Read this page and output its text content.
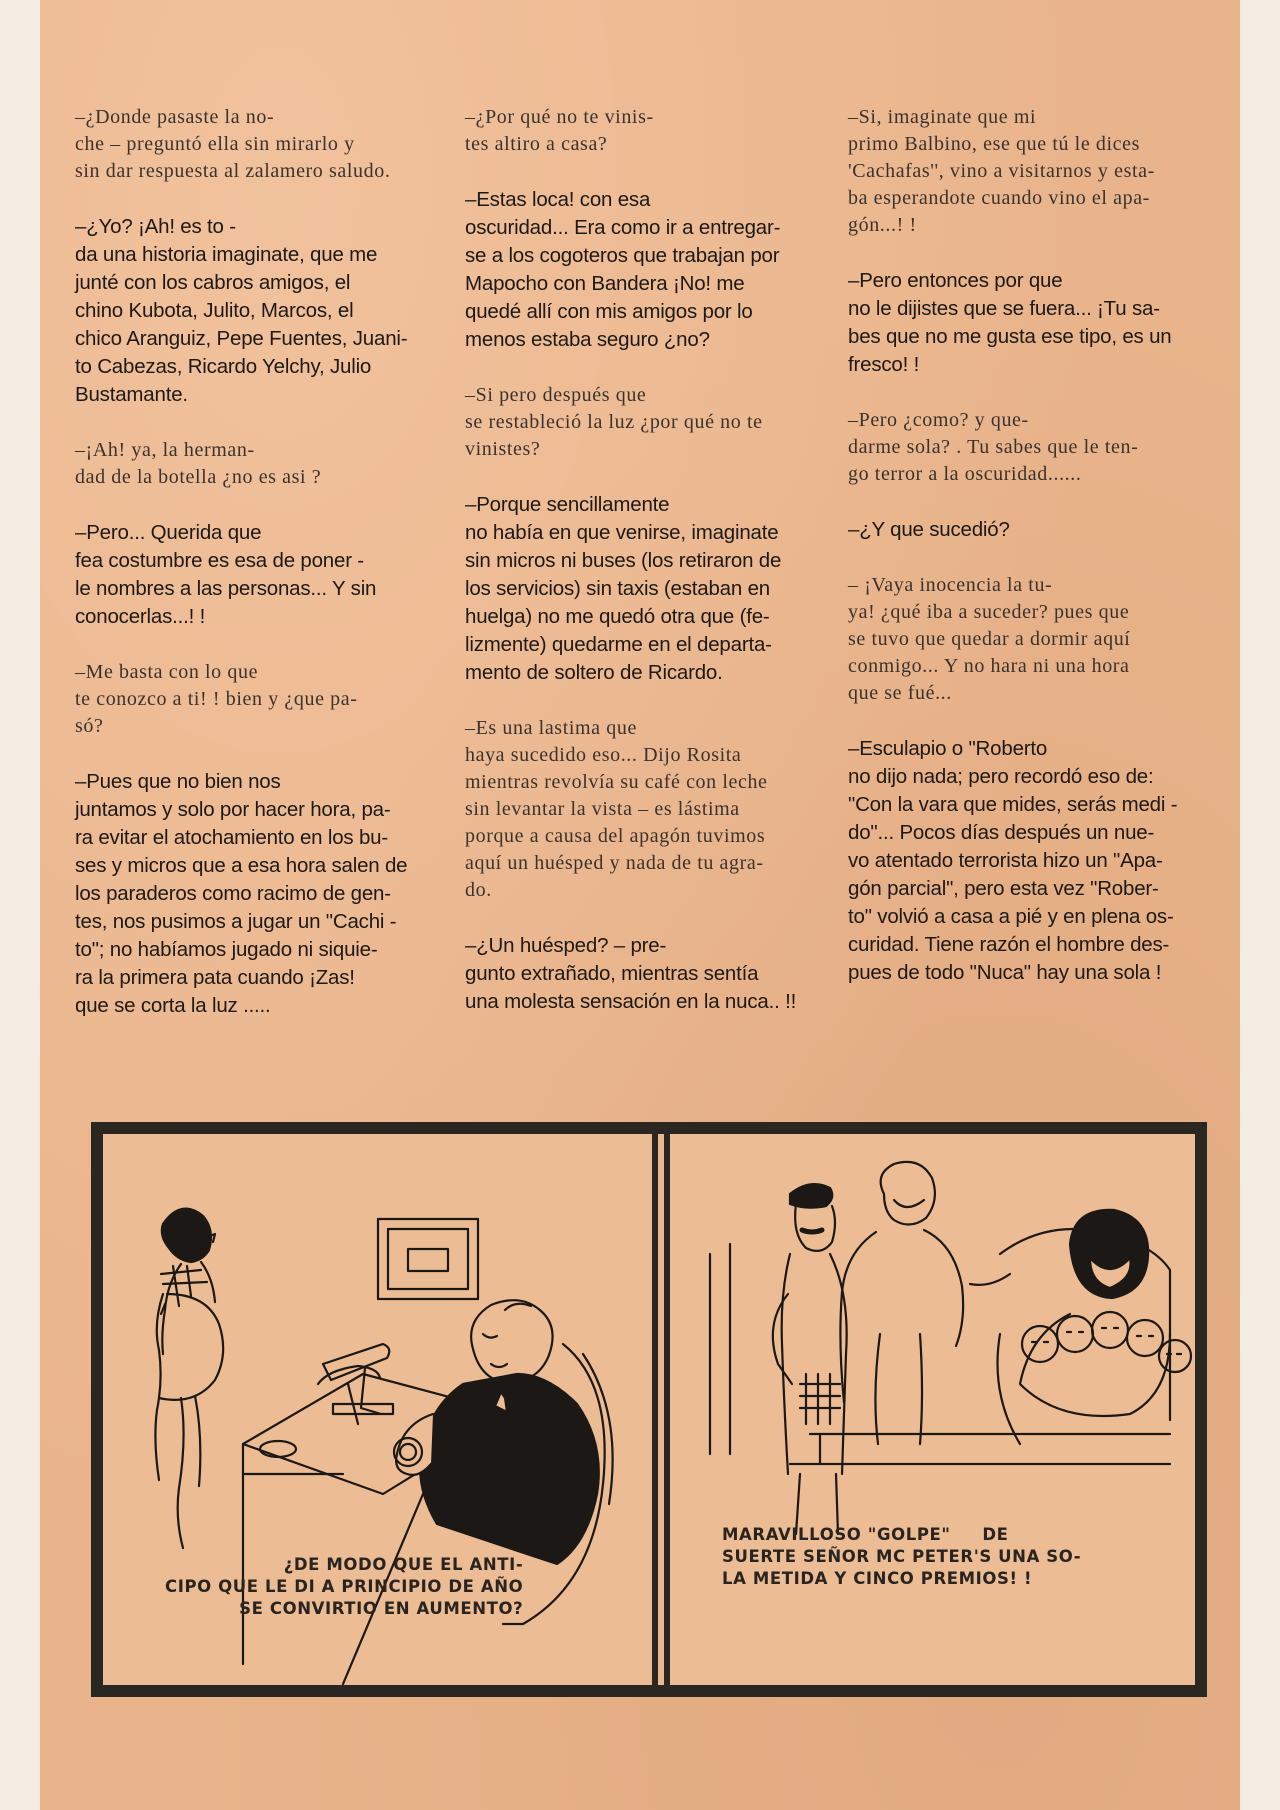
–¿Donde pasaste la no-
che – preguntó ella sin mirarlo y
sin dar respuesta al zalamero saludo.

–¿Yo? ¡Ah! es to -
da una historia imaginate, que me
junté con los cabros amigos, el
chino Kubota, Julito, Marcos, el
chico Aranguiz, Pepe Fuentes, Juani-
to Cabezas, Ricardo Yelchy, Julio
Bustamante.

–¡Ah! ya, la herman-
dad de la botella ¿no es asi ?

–Pero... Querida que
fea costumbre es esa de poner -
le nombres a las personas... Y sin
conocerlas...! !

–Me basta con lo que
te conozco a ti! ! bien y ¿que pa-
só?

–Pues que no bien nos
juntamos y solo por hacer hora, pa-
ra evitar el atochamiento en los bu-
ses y micros que a esa hora salen de
los paraderos como racimo de gen-
tes, nos pusimos a jugar un "Cachi -
to"; no habíamos jugado ni siquie-
ra la primera pata cuando ¡Zas!
que se corta la luz .....

–¿Por qué no te vinis-
tes altiro a casa?

–Estas loca! con esa
oscuridad... Era como ir a entregar-
se a los cogoteros que trabajan por
Mapocho con Bandera ¡No! me
quedé allí con mis amigos por lo
menos estaba seguro ¿no?

–Si pero después que
se restableció la luz ¿por qué no te
vinistes?

–Porque sencillamente
no había en que venirse, imaginate
sin micros ni buses (los retiraron de
los servicios) sin taxis (estaban en
huelga) no me quedó otra que (fe-
lizmente) quedarme en el departa-
mento de soltero de Ricardo.

–Es una lastima que
haya sucedido eso... Dijo Rosita
mientras revolvía su café con leche
sin levantar la vista – es lástima
porque a causa del apagón tuvimos
aquí un huésped y nada de tu agra-
do.

–¿Un huésped? – pre-
gunto extrañado, mientras sentía
una molesta sensación en la nuca.. !!

–Si, imaginate que mi
primo Balbino, ese que tú le dices
'Cachafas'', vino a visitarnos y esta-
ba esperandote cuando vino el apa-
gón...! !

–Pero entonces por que
no le dijistes que se fuera... ¡Tu sa-
bes que no me gusta ese tipo, es un
fresco! !

–Pero ¿como? y que-
darme sola? . Tu sabes que le ten-
go terror a la oscuridad......

–¿Y que sucedió?

– ¡Vaya inocencia la tu-
ya! ¿qué iba a suceder? pues que
se tuvo que quedar a dormir aquí
conmigo... Y no hara ni una hora
que se fué...

–Esculapio o "Roberto
no dijo nada; pero recordó eso de:
"Con la vara que mides, serás medi -
do"... Pocos días después un nue-
vo atentado terrorista hizo un "Apa-
gón parcial", pero esta vez "Rober-
to" volvió a casa a pié y en plena os-
curidad. Tiene razón el hombre des-
pues de todo "Nuca" hay una sola !

¿DE MODO QUE EL ANTI-
CIPO QUE LE DI A PRINCIPIO DE AÑO
SE CONVIRTIO EN AUMENTO?
MARAVILLOSO "GOLPE"     DE
SUERTE SEÑOR MC PETER'S UNA SO-
LA METIDA Y CINCO PREMIOS! !
